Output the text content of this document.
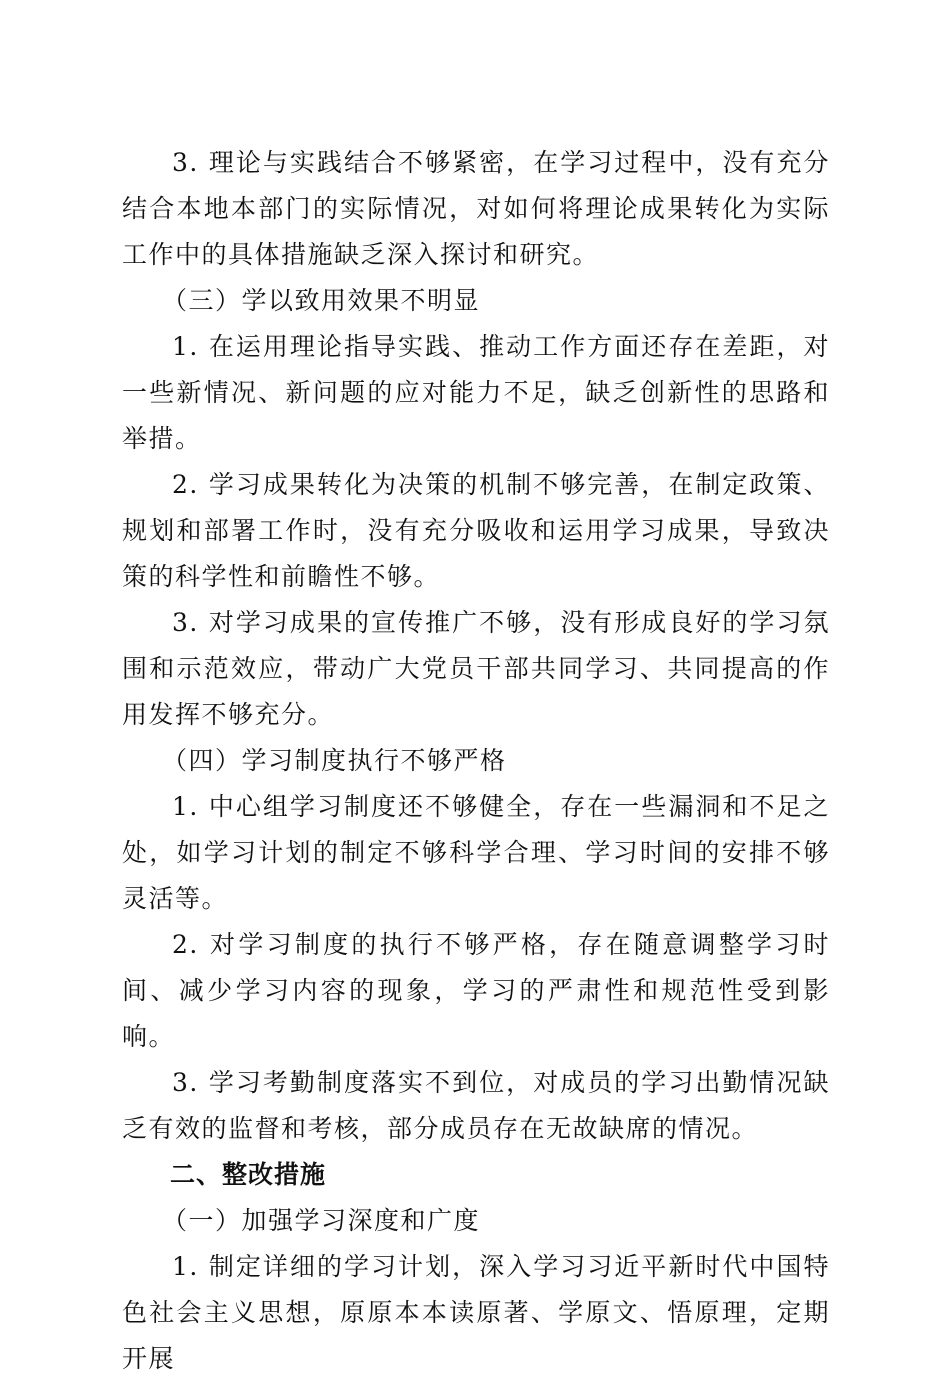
3. 理论与实践结合不够紧密，在学习过程中，没有充分结合本地本部门的实际情况，对如何将理论成果转化为实际工作中的具体措施缺乏深入探讨和研究。

（三）学以致用效果不明显

1. 在运用理论指导实践、推动工作方面还存在差距，对一些新情况、新问题的应对能力不足，缺乏创新性的思路和举措。

2. 学习成果转化为决策的机制不够完善，在制定政策、规划和部署工作时，没有充分吸收和运用学习成果，导致决策的科学性和前瞻性不够。

3. 对学习成果的宣传推广不够，没有形成良好的学习氛围和示范效应，带动广大党员干部共同学习、共同提高的作用发挥不够充分。

（四）学习制度执行不够严格

1. 中心组学习制度还不够健全，存在一些漏洞和不足之处，如学习计划的制定不够科学合理、学习时间的安排不够灵活等。

2. 对学习制度的执行不够严格，存在随意调整学习时间、减少学习内容的现象，学习的严肃性和规范性受到影响。

3. 学习考勤制度落实不到位，对成员的学习出勤情况缺乏有效的监督和考核，部分成员存在无故缺席的情况。

二、整改措施

（一）加强学习深度和广度

1. 制定详细的学习计划，深入学习习近平新时代中国特色社会主义思想，原原本本读原著、学原文、悟原理，定期开展
